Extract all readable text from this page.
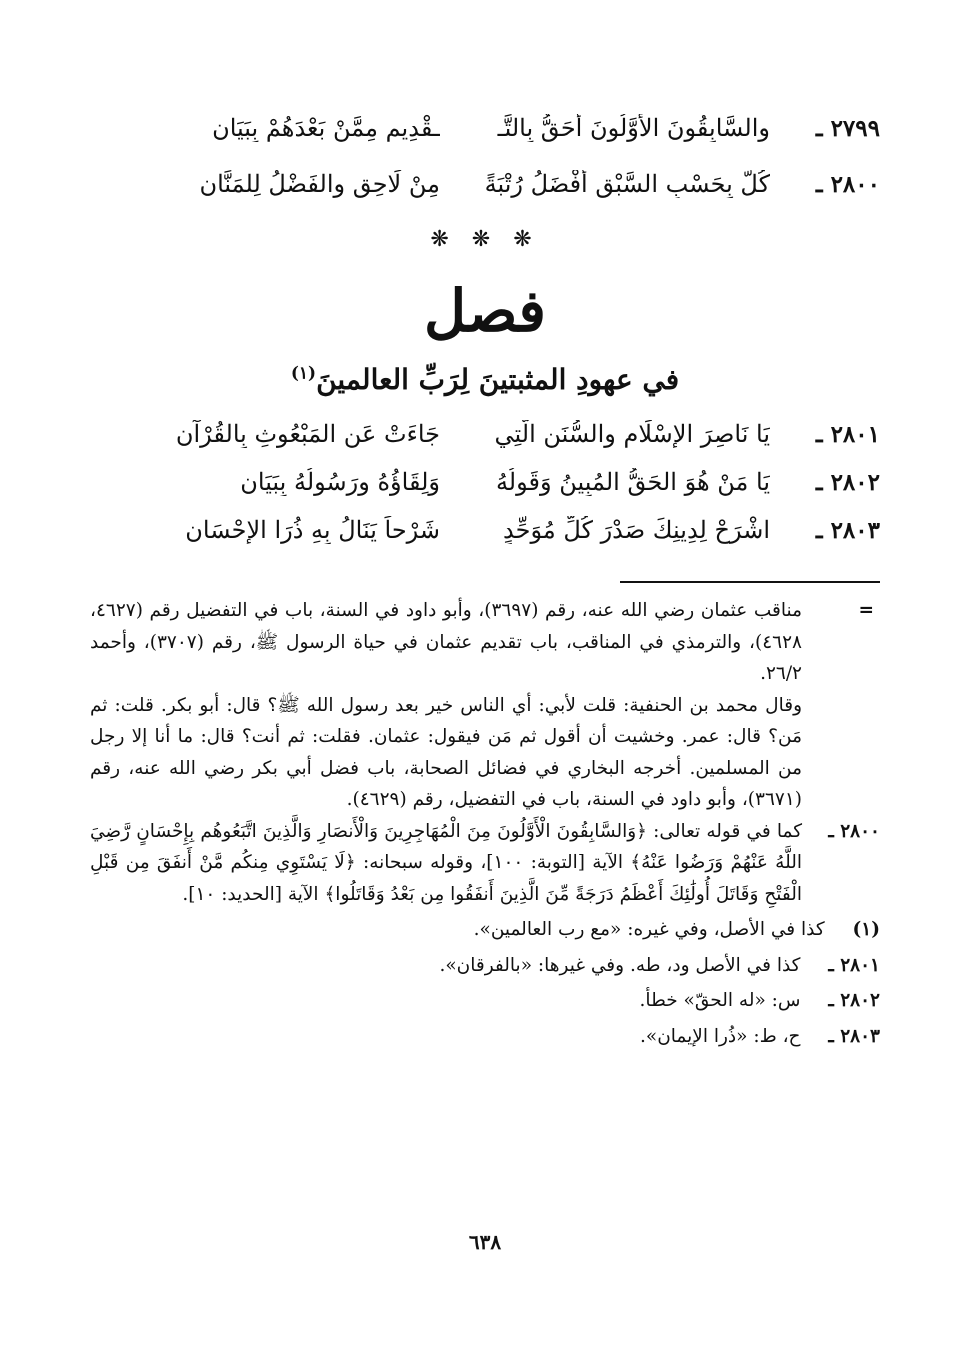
٢٧٩٩ ـ
والسَّابِقُونَ الأَوَّلُونَ أَحَقُّ بِالتَّـ
ـقْدِيمِ مِمَّنْ بَعْدَهُمْ بِبَيَانِ
٢٨٠٠ ـ
كُلٌّ بِحَسْبِ السَّبْقِ أَفْضَلُ رُتْبَةً
مِنْ لَاحِقٍ والفَضْلُ لِلمَنَّانِ
❋ ❋ ❋
فصل
في عهودِ المثبتينَ لِرَبِّ العالمينَ$^{(١)}$
٢٨٠١ ـ
يَا نَاصِرَ الإِسْلَامِ والسُّنَنِ الَّتِي
جَاءَتْ عَنِ المَبْعُوثِ بِالقُرْآنِ
٢٨٠٢ ـ
يَا مَنْ هُوَ الحَقُّ المُبِينُ وَقَولُهُ
وَلِقَاؤُهُ ورَسُولُهُ بِبَيَانِ
٢٨٠٣ ـ
اشْرَحْ لِدِينِكَ صَدْرَ كُلِّ مُوَحِّدٍ
شَرْحاً يَنَالُ بِهِ ذُرَا الإِحْسَانِ
=

مناقب عثمان رضي الله عنه، رقم (٣٦٩٧)، وأبو داود في السنة، باب في التفضيل رقم (٤٦٢٧، ٤٦٢٨)، والترمذي في المناقب، باب تقديم عثمان في حياة الرسول ﷺ، رقم (٣٧٠٧)، وأحمد ٢٦/٢.

وقال محمد بن الحنفية: قلت لأبي: أي الناس خير بعد رسول الله ﷺ؟ قال: أبو بكر. قلت: ثم مَن؟ قال: عمر. وخشيت أن أقول ثم مَن فيقول: عثمان. فقلت: ثم أنت؟ قال: ما أنا إلا رجل من المسلمين. أخرجه البخاري في فضائل الصحابة، باب فضل أبي بكر رضي الله عنه، رقم (٣٦٧١)، وأبو داود في السنة، باب في التفضيل، رقم (٤٦٢٩).

٢٨٠٠ ـ
كما في قوله تعالى: ﴿وَالسَّابِقُونَ الْأَوَّلُونَ مِنَ الْمُهَاجِرِينَ وَالْأَنصَارِ وَالَّذِينَ اتَّبَعُوهُم بِإِحْسَانٍ رَّضِيَ اللَّهُ عَنْهُمْ وَرَضُوا عَنْهُ﴾ الآية [التوبة: ١٠٠]، وقوله سبحانه: ﴿لَا يَسْتَوِي مِنكُم مَّنْ أَنفَقَ مِن قَبْلِ الْفَتْحِ وَقَاتَلَ أُولَٰئِكَ أَعْظَمُ دَرَجَةً مِّنَ الَّذِينَ أَنفَقُوا مِن بَعْدُ وَقَاتَلُوا﴾ الآية [الحديد: ١٠].
(١) كذا في الأصل، وفي غيره: «مع رب العالمين».
٢٨٠١ ـ كذا في الأصل ود، طه. وفي غيرها: «بالفرقان».
٢٨٠٢ ـ س: «له الحقّ» خطأ.
٢٨٠٣ ـ ح، ط: «ذُرا الإيمان».
٦٣٨
